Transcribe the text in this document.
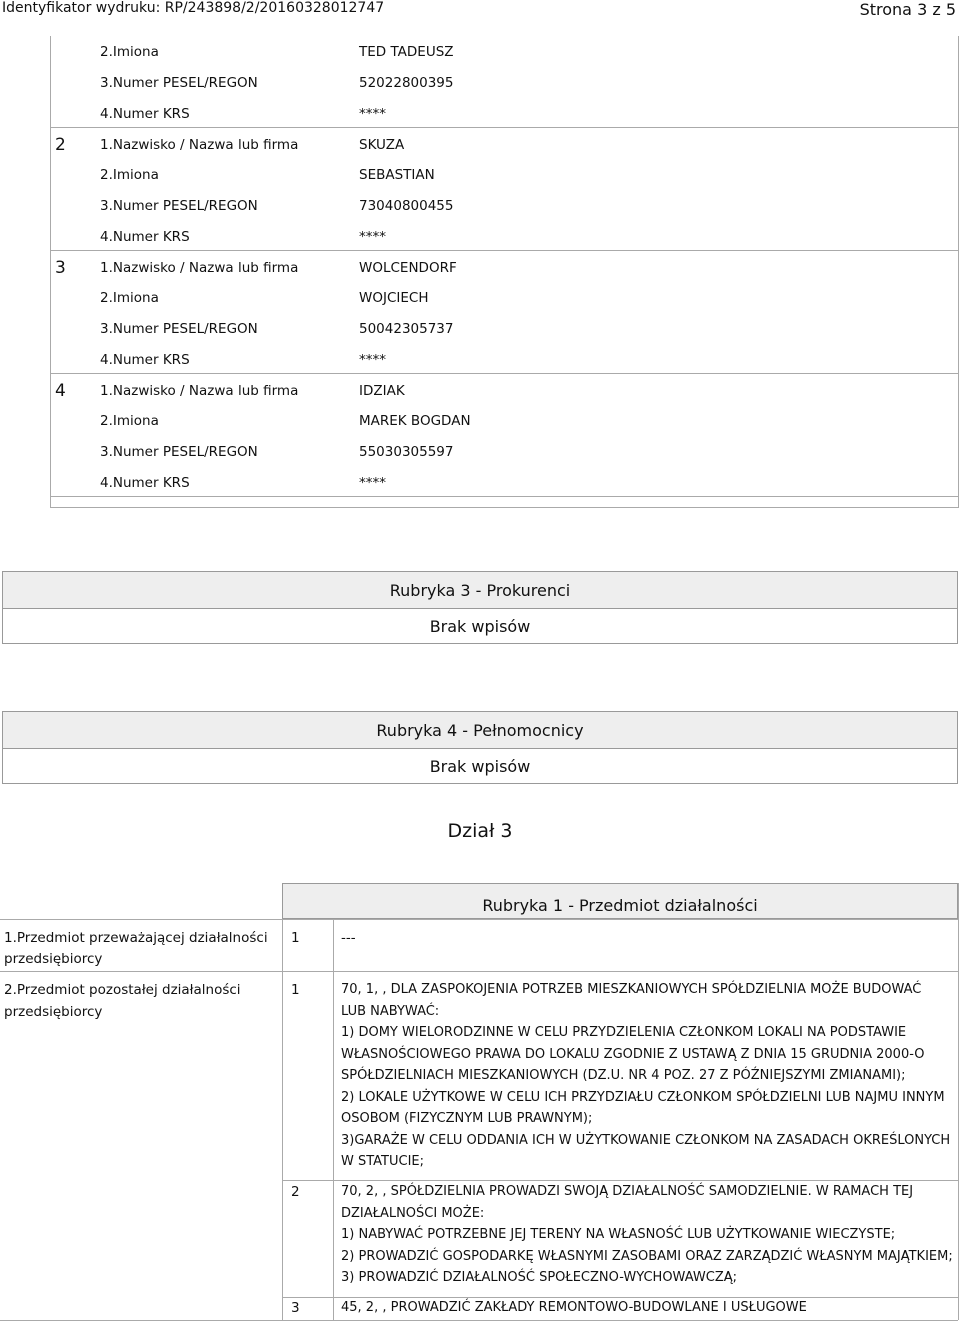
Identyfikator wydruku: RP/243898/2/20160328012747	Strona 3 z 5
2.Imiona	TED TADEUSZ
3.Numer PESEL/REGON	52022800395
4.Numer KRS	****
2	1.Nazwisko / Nazwa lub firma	SKUZA
2.Imiona	SEBASTIAN
3.Numer PESEL/REGON	73040800455
4.Numer KRS	****
3	1.Nazwisko / Nazwa lub firma	WOLCENDORF
2.Imiona	WOJCIECH
3.Numer PESEL/REGON	50042305737
4.Numer KRS	****
4	1.Nazwisko / Nazwa lub firma	IDZIAK
2.Imiona	MAREK BOGDAN
3.Numer PESEL/REGON	55030305597
4.Numer KRS	****
Rubryka 3 - Prokurenci
Brak wpisów
Rubryka 4 - Pełnomocnicy
Brak wpisów
Dział 3
Rubryka 1 - Przedmiot działalności
1.Przedmiot przeważającej działalności
przedsiębiorcy
1	---
2.Przedmiot pozostałej działalności
przedsiębiorcy
1	70, 1, , DLA ZASPOKOJENIA POTRZEB MIESZKANIOWYCH SPÓŁDZIELNIA MOŻE BUDOWAĆ
LUB NABYWAĆ:
1) DOMY WIELORODZINNE W CELU PRZYDZIELENIA CZŁONKOM LOKALI NA PODSTAWIE
WŁASNOŚCIOWEGO PRAWA DO LOKALU ZGODNIE Z USTAWĄ Z DNIA 15 GRUDNIA 2000-O
SPÓŁDZIELNIACH MIESZKANIOWYCH (DZ.U. NR 4 POZ. 27 Z PÓŹNIEJSZYMI ZMIANAMI);
2) LOKALE UŻYTKOWE W CELU ICH PRZYDZIAŁU CZŁONKOM SPÓŁDZIELNI LUB NAJMU INNYM
OSOBOM (FIZYCZNYM LUB PRAWNYM);
3)GARAŻE W CELU ODDANIA ICH W UŻYTKOWANIE CZŁONKOM NA ZASADACH OKREŚLONYCH
W STATUCIE;
2	70, 2, , SPÓŁDZIELNIA PROWADZI SWOJĄ DZIAŁALNOŚĆ SAMODZIELNIE. W RAMACH TEJ
DZIAŁALNOŚCI MOŻE:
1) NABYWAĆ POTRZEBNE JEJ TERENY NA WŁASNOŚĆ LUB UŻYTKOWANIE WIECZYSTE;
2) PROWADZIĆ GOSPODARKĘ WŁASNYMI ZASOBAMI ORAZ ZARZĄDZIĆ WŁASNYM MAJĄTKIEM;
3) PROWADZIĆ DZIAŁALNOŚĆ SPOŁECZNO-WYCHOWAWCZĄ;
3	45, 2, , PROWADZIĆ ZAKŁADY REMONTOWO-BUDOWLANE I USŁUGOWE
